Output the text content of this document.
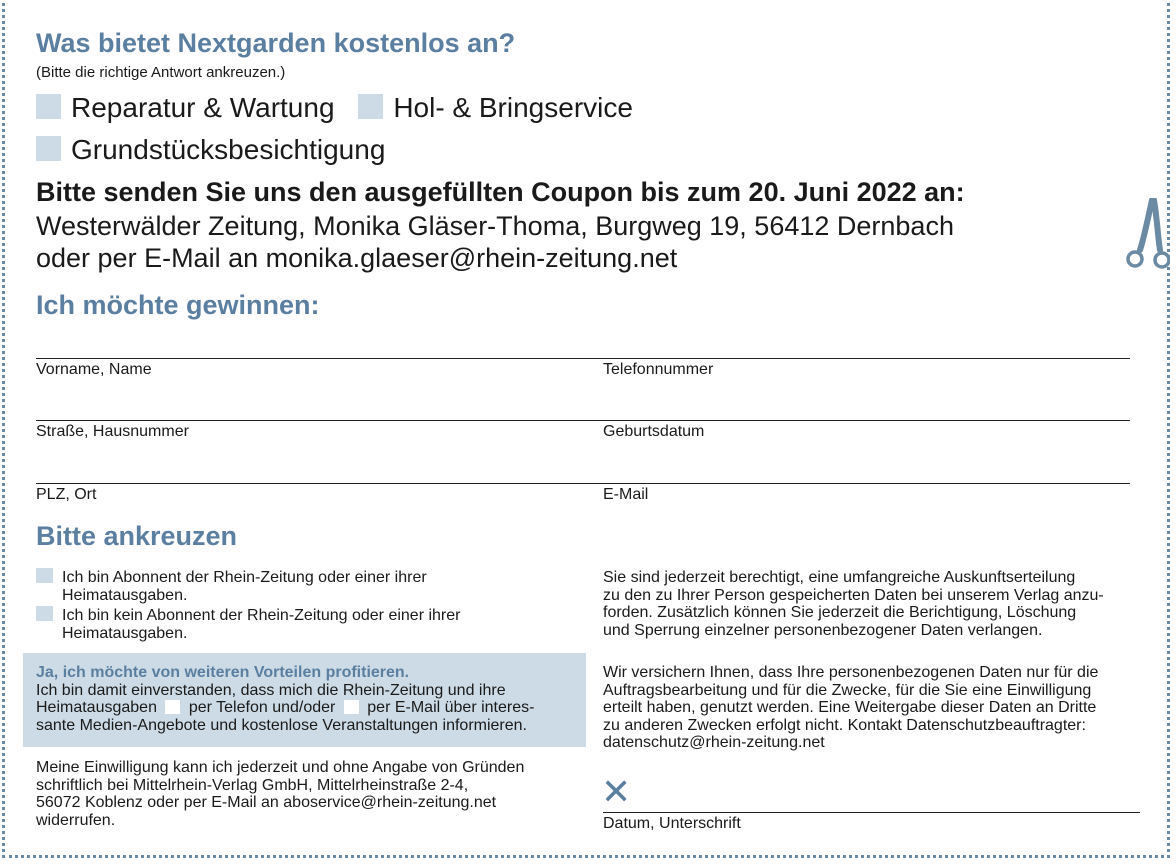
Was bietet Nextgarden kostenlos an?
(Bitte die richtige Antwort ankreuzen.)
Reparatur & Wartung Hol- & Bringservice
Grundstücksbesichtigung
Bitte senden Sie uns den ausgefüllten Coupon bis zum 20. Juni 2022 an:
Westerwälder Zeitung, Monika Gläser-Thoma, Burgweg 19, 56412 Dernbach
oder per E-Mail an monika.glaeser@rhein-zeitung.net
Ich möchte gewinnen:
Vorname, Name	Telefonnummer
Straße, Hausnummer	Geburtsdatum
PLZ, Ort	E-Mail
Bitte ankreuzen
Ich bin Abonnent der Rhein-Zeitung oder einer ihrer
Heimatausgaben.
Ich bin kein Abonnent der Rhein-Zeitung oder einer ihrer
Heimatausgaben.
Ja, ich möchte von weiteren Vorteilen profitieren.
Ich bin damit einverstanden, dass mich die Rhein-Zeitung und ihre
Heimatausgaben per Telefon und/oder per E-Mail über interes-
sante Medien-Angebote und kostenlose Veranstaltungen informieren.
Meine Einwilligung kann ich jederzeit und ohne Angabe von Gründen
schriftlich bei Mittelrhein-Verlag GmbH, Mittelrheinstraße 2-4,
56072 Koblenz oder per E-Mail an aboservice@rhein-zeitung.net
widerrufen.
Sie sind jederzeit berechtigt, eine umfangreiche Auskunftserteilung
zu den zu Ihrer Person gespeicherten Daten bei unserem Verlag anzu-
forden. Zusätzlich können Sie jederzeit die Berichtigung, Löschung
und Sperrung einzelner personenbezogener Daten verlangen.
Wir versichern Ihnen, dass Ihre personenbezogenen Daten nur für die
Auftragsbearbeitung und für die Zwecke, für die Sie eine Einwilligung
erteilt haben, genutzt werden. Eine Weitergabe dieser Daten an Dritte
zu anderen Zwecken erfolgt nicht. Kontakt Datenschutzbeauftragter:
datenschutz@rhein-zeitung.net
✕
Datum, Unterschrift
